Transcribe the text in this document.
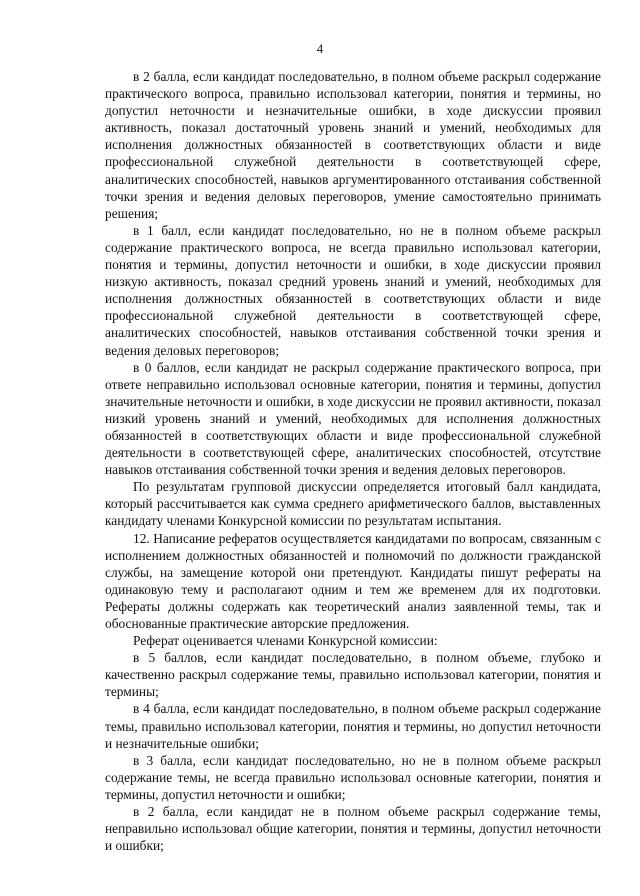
4

в 2 балла, если кандидат последовательно, в полном объеме раскрыл содержание практического вопроса, правильно использовал категории, понятия и термины, но допустил неточности и незначительные ошибки, в ходе дискуссии проявил активность, показал достаточный уровень знаний и умений, необходимых для исполнения должностных обязанностей в соответствующих области и виде профессиональной служебной деятельности в соответствующей сфере, аналитических способностей, навыков аргументированного отстаивания собственной точки зрения и ведения деловых переговоров, умение самостоятельно принимать решения;

в 1 балл, если кандидат последовательно, но не в полном объеме раскрыл содержание практического вопроса, не всегда правильно использовал категории, понятия и термины, допустил неточности и ошибки, в ходе дискуссии проявил низкую активность, показал средний уровень знаний и умений, необходимых для исполнения должностных обязанностей в соответствующих области и виде профессиональной служебной деятельности в соответствующей сфере, аналитических способностей, навыков отстаивания собственной точки зрения и ведения деловых переговоров;

в 0 баллов, если кандидат не раскрыл содержание практического вопроса, при ответе неправильно использовал основные категории, понятия и термины, допустил значительные неточности и ошибки, в ходе дискуссии не проявил активности, показал низкий уровень знаний и умений, необходимых для исполнения должностных обязанностей в соответствующих области и виде профессиональной служебной деятельности в соответствующей сфере, аналитических способностей, отсутствие навыков отстаивания собственной точки зрения и ведения деловых переговоров.

По результатам групповой дискуссии определяется итоговый балл кандидата, который рассчитывается как сумма среднего арифметического баллов, выставленных кандидату членами Конкурсной комиссии по результатам испытания.

12. Написание рефератов осуществляется кандидатами по вопросам, связанным с исполнением должностных обязанностей и полномочий по должности гражданской службы, на замещение которой они претендуют. Кандидаты пишут рефераты на одинаковую тему и располагают одним и тем же временем для их подготовки. Рефераты должны содержать как теоретический анализ заявленной темы, так и обоснованные практические авторские предложения.

Реферат оценивается членами Конкурсной комиссии:

в 5 баллов, если кандидат последовательно, в полном объеме, глубоко и качественно раскрыл содержание темы, правильно использовал категории, понятия и термины;

в 4 балла, если кандидат последовательно, в полном объеме раскрыл содержание темы, правильно использовал категории, понятия и термины, но допустил неточности и незначительные ошибки;

в 3 балла, если кандидат последовательно, но не в полном объеме раскрыл содержание темы, не всегда правильно использовал основные категории, понятия и термины, допустил неточности и ошибки;

в 2 балла, если кандидат не в полном объеме раскрыл содержание темы, неправильно использовал общие категории, понятия и термины, допустил неточности и ошибки;
